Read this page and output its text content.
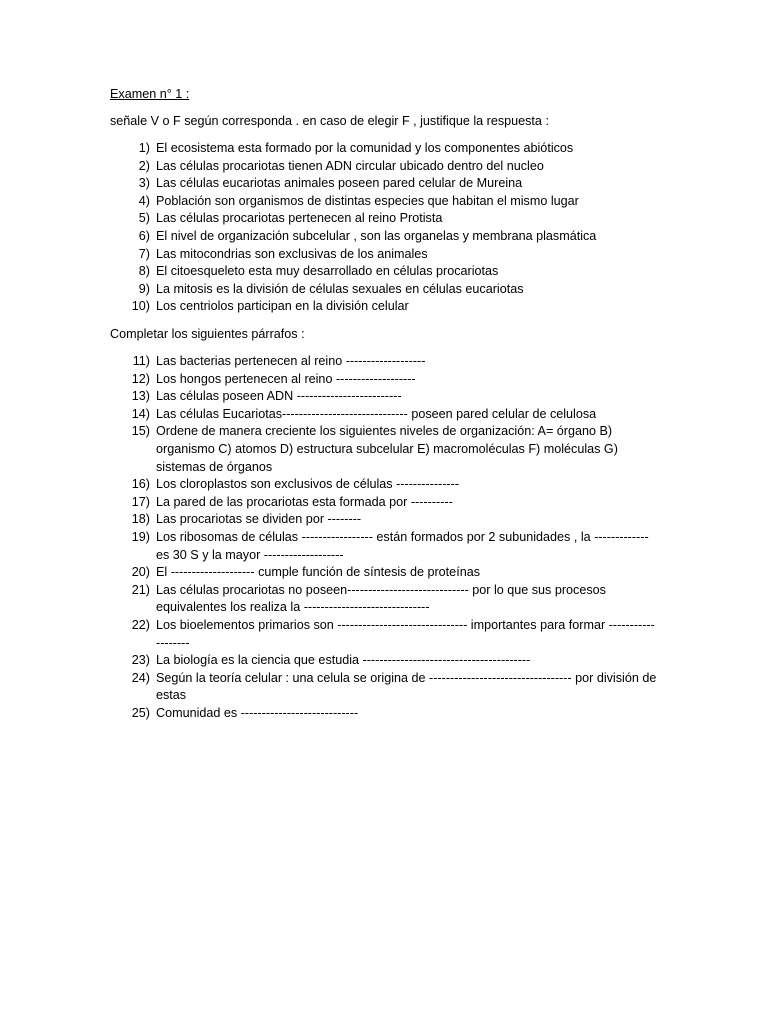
Examen n° 1 :
señale V o F según corresponda . en caso de elegir F , justifique la respuesta :
1) El ecosistema esta formado por la comunidad y los componentes abióticos
2) Las células procariotas tienen ADN circular ubicado dentro del nucleo
3) Las células eucariotas animales poseen pared celular de Mureina
4) Población son organismos de distintas especies que habitan el mismo lugar
5) Las células procariotas pertenecen al reino Protista
6) El nivel de organización subcelular , son las organelas y membrana plasmática
7) Las mitocondrias son exclusivas de los animales
8) El citoesqueleto esta muy desarrollado en células procariotas
9) La mitosis es la división de células sexuales en células eucariotas
10) Los centriolos participan en la división celular
Completar los siguientes párrafos :
11) Las bacterias pertenecen al reino -------------------
12) Los hongos pertenecen al reino -------------------
13) Las células poseen ADN -------------------------
14) Las células Eucariotas------------------------------ poseen pared celular de celulosa
15) Ordene de manera creciente los siguientes niveles de organización: A= órgano B) organismo C) atomos D) estructura subcelular E) macromoléculas F) moléculas G) sistemas de órganos
16) Los cloroplastos son exclusivos de células ---------------
17) La pared de las procariotas esta formada por ----------
18) Las procariotas se dividen por --------
19) Los ribosomas de células ----------------- están formados por 2 subunidades , la -------------es 30 S y la mayor -------------------
20) El -------------------- cumple función de síntesis de proteínas
21) Las células procariotas no poseen----------------------------- por lo que sus procesos equivalentes los realiza la ------------------------------
22) Los bioelementos primarios son ------------------------------- importantes para formar -------------------
23) La biología es la ciencia que estudia ----------------------------------------
24) Según la teoría celular : una celula se origina de ---------------------------------- por división de estas
25) Comunidad es ----------------------------
